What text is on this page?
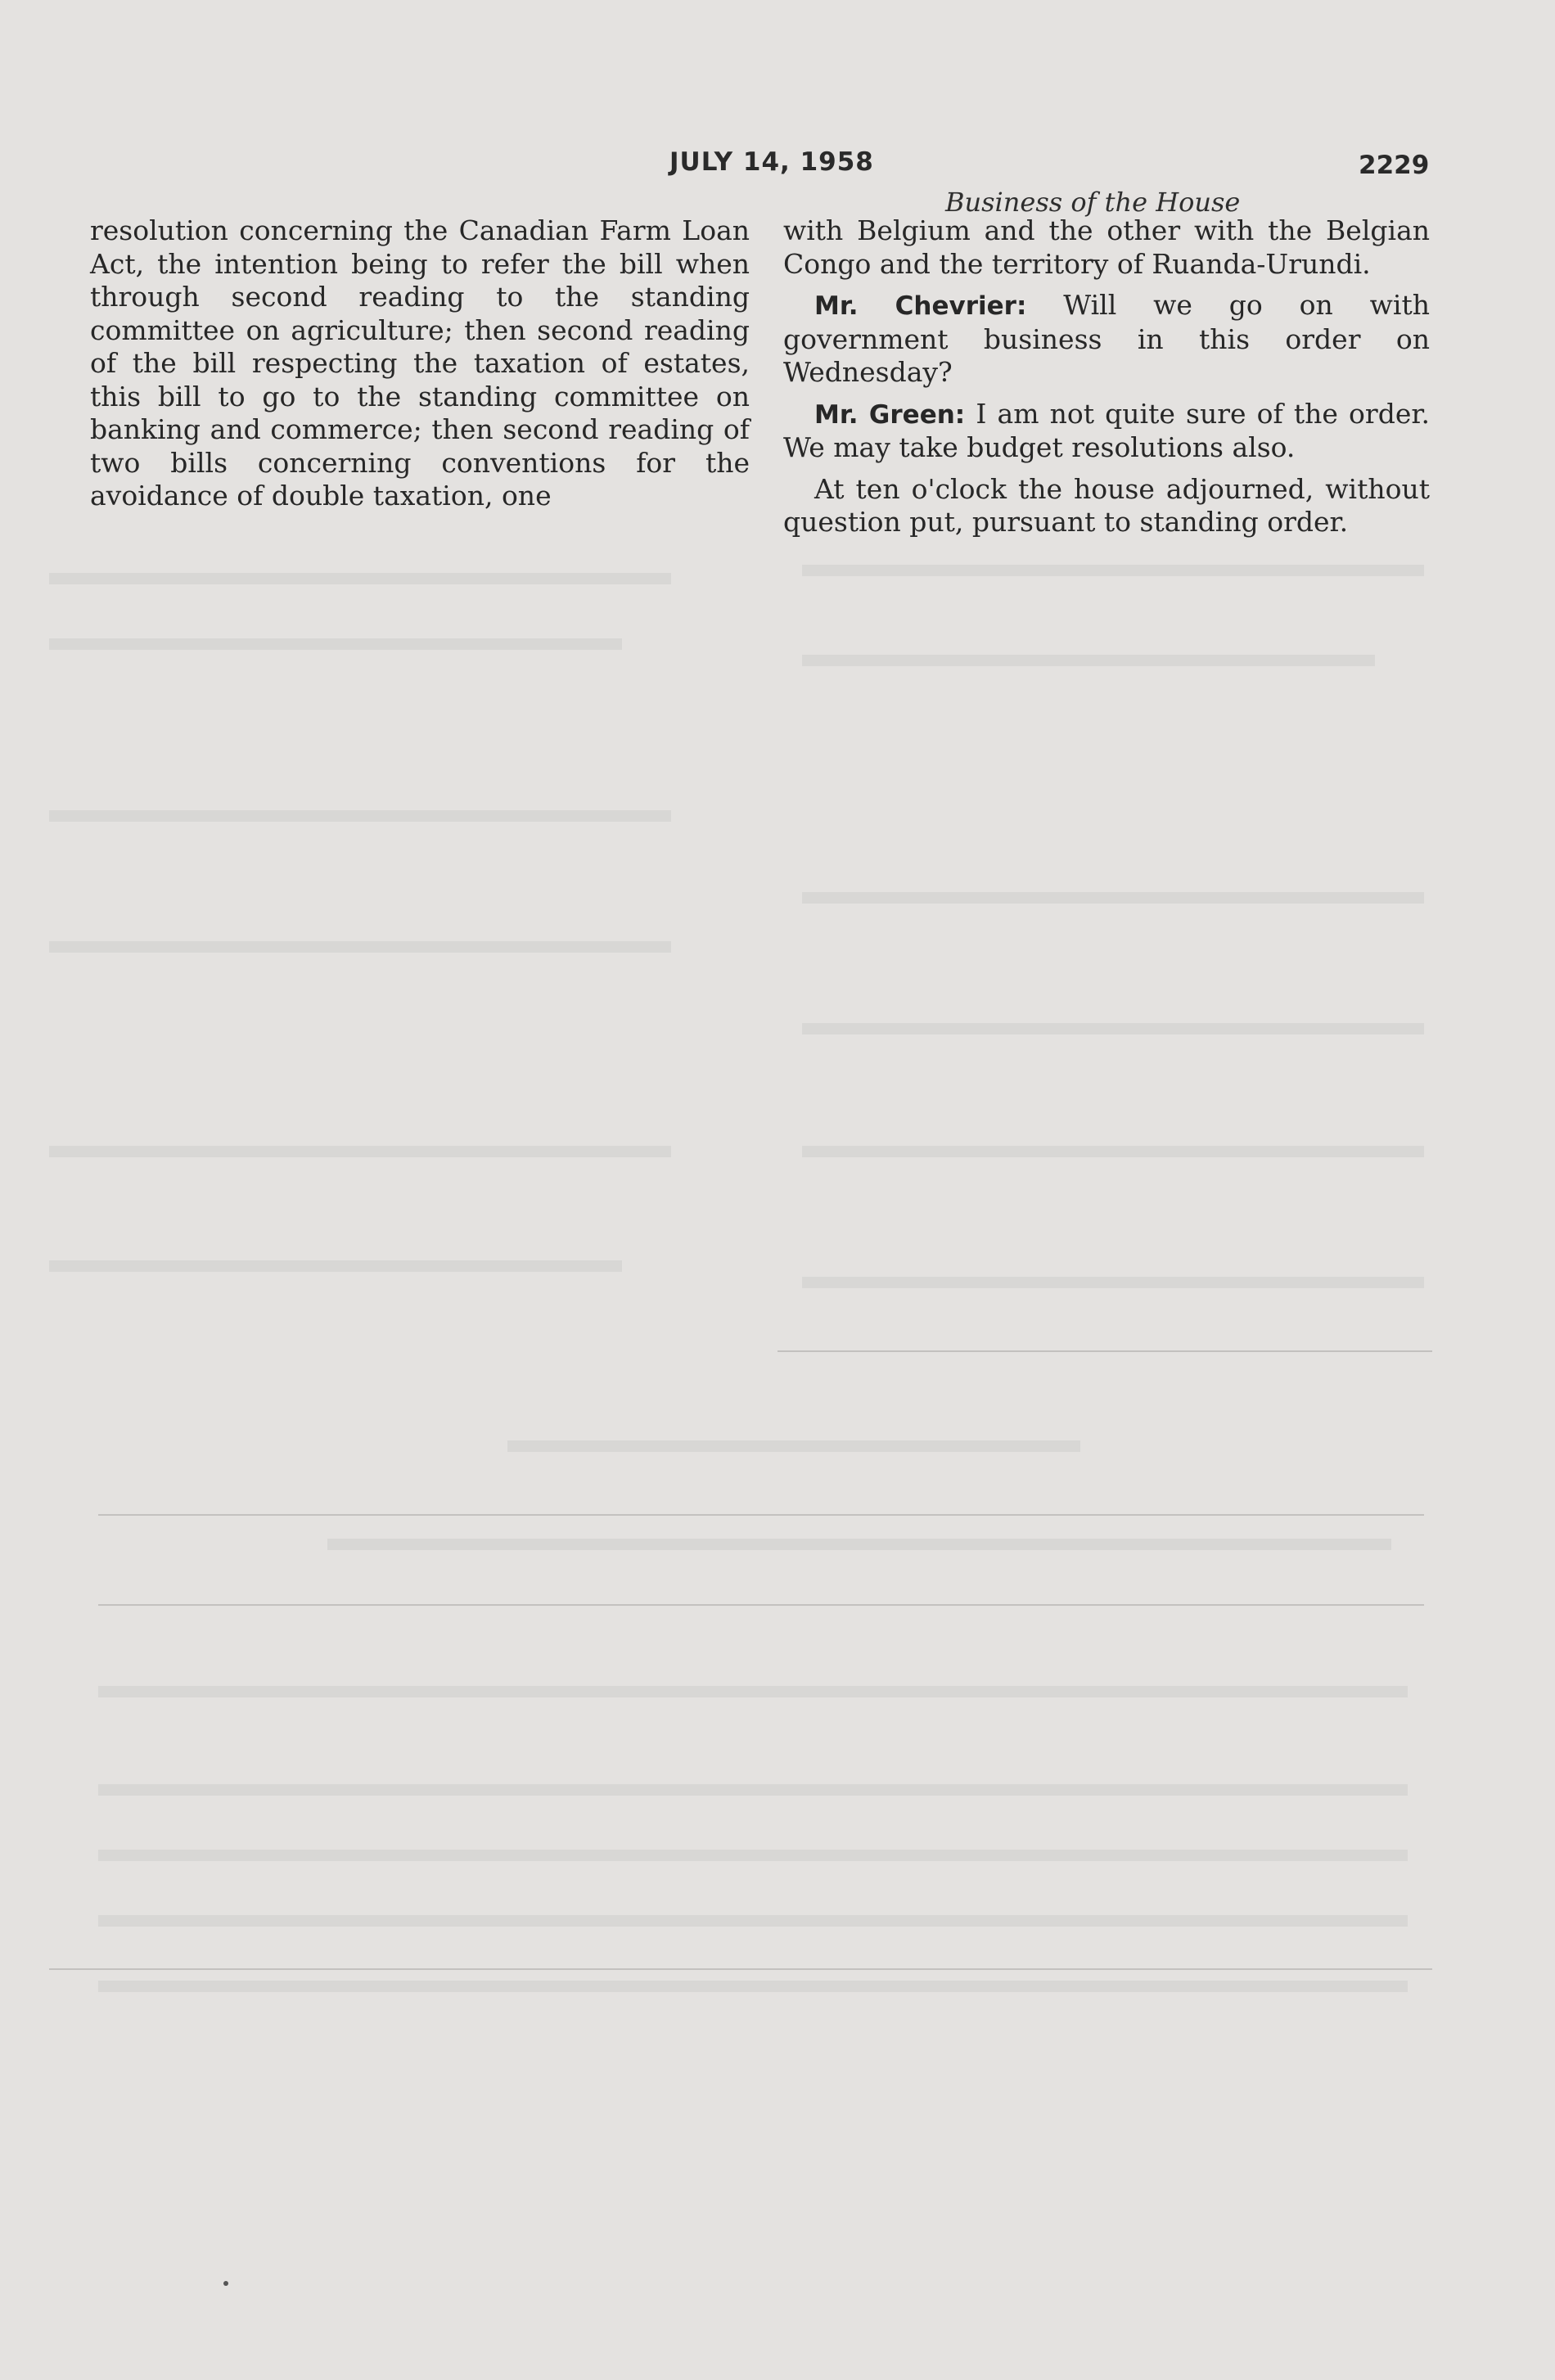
JULY 14, 1958	2229
Business of the House

resolution concerning the Canadian Farm Loan Act, the intention being to refer the bill when through second reading to the standing committee on agriculture; then second reading of the bill respecting the taxation of estates, this bill to go to the standing committee on banking and commerce; then second reading of two bills concerning conventions for the avoidance of double taxation, one

with Belgium and the other with the Belgian Congo and the territory of Ruanda-Urundi.

Mr. Chevrier: Will we go on with government business in this order on Wednesday?

Mr. Green: I am not quite sure of the order. We may take budget resolutions also.

At ten o'clock the house adjourned, without question put, pursuant to standing order.
